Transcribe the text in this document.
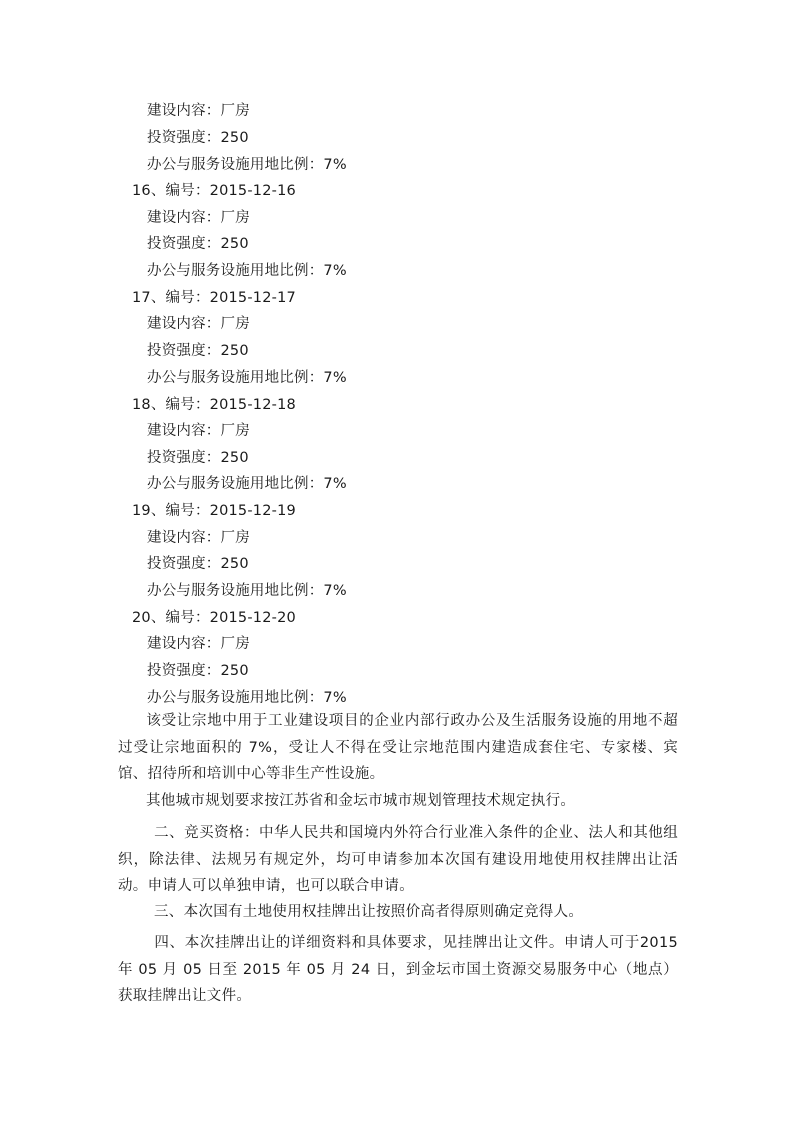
建设内容：厂房
投资强度：250
办公与服务设施用地比例：7%
16、编号：2015-12-16
建设内容：厂房
投资强度：250
办公与服务设施用地比例：7%
17、编号：2015-12-17
建设内容：厂房
投资强度：250
办公与服务设施用地比例：7%
18、编号：2015-12-18
建设内容：厂房
投资强度：250
办公与服务设施用地比例：7%
19、编号：2015-12-19
建设内容：厂房
投资强度：250
办公与服务设施用地比例：7%
20、编号：2015-12-20
建设内容：厂房
投资强度：250
办公与服务设施用地比例：7%
该受让宗地中用于工业建设项目的企业内部行政办公及生活服务设施的用地不超过受让宗地面积的 7%，受让人不得在受让宗地范围内建造成套住宅、专家楼、宾馆、招待所和培训中心等非生产性设施。
其他城市规划要求按江苏省和金坛市城市规划管理技术规定执行。
二、竞买资格：中华人民共和国境内外符合行业准入条件的企业、法人和其他组织，除法律、法规另有规定外，均可申请参加本次国有建设用地使用权挂牌出让活动。申请人可以单独申请，也可以联合申请。
三、本次国有土地使用权挂牌出让按照价高者得原则确定竞得人。
四、本次挂牌出让的详细资料和具体要求，见挂牌出让文件。申请人可于2015 年 05 月 05 日至 2015 年 05 月 24 日，到金坛市国土资源交易服务中心（地点）获取挂牌出让文件。
